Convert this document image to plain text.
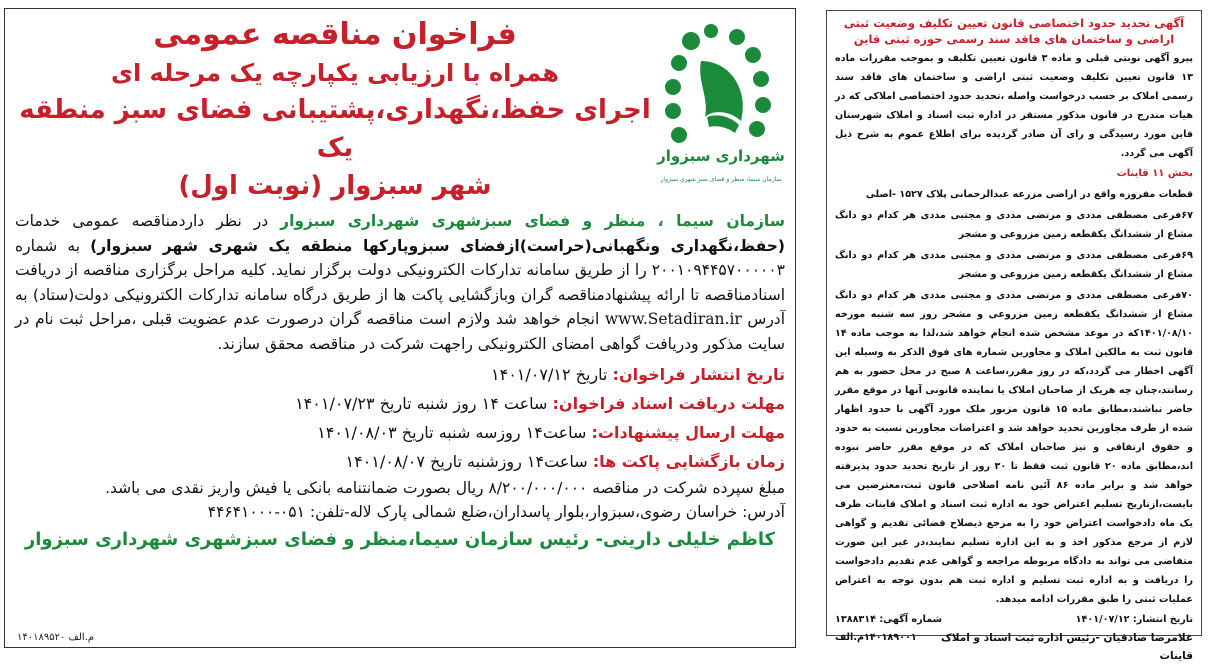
شهرداری سبزوار
سازمان سیما، منظر و فضای سبز شهری سبزوار
فراخوان مناقصه عمومی
همراه با ارزیابی یکپارچه یک مرحله ای
اجرای حفظ،نگهداری،پشتیبانی فضای سبز منطقه یک
شهر سبزوار (نوبت اول)
سازمان سیما ، منظر و فضای سبزشهری شهرداری سبزوار در نظر داردمناقصه عمومی خدمات (حفظ،نگهداری ونگهبانی(حراست)ازفضای سبزوپارکها منطقه یک شهری شهر سبزوار) به شماره ۲۰۰۱۰۹۴۴۵۷۰۰۰۰۰۳ را از طریق سامانه تدارکات الکترونیکی دولت برگزار نماید. کلیه مراحل برگزاری مناقصه از دریافت اسنادمناقصه تا ارائه پیشنهادمناقصه گران وبازگشایی پاکت ها از طریق درگاه سامانه تدارکات الکترونیکی دولت(ستاد) به آدرس www.Setadiran.ir انجام خواهد شد ولازم است مناقصه گران درصورت عدم عضویت قبلی ،مراحل ثبت نام در سایت مذکور ودریافت گواهی امضای الکترونیکی راجهت شرکت در مناقصه محقق سازند.
تاریخ انتشار فراخوان: تاریخ ۱۴۰۱/۰۷/۱۲
مهلت دریافت اسناد فراخوان: ساعت ۱۴ روز شنبه تاریخ ۱۴۰۱/۰۷/۲۳
مهلت ارسال پیشنهادات: ساعت۱۴ روزسه شنبه تاریخ ۱۴۰۱/۰۸/۰۳
زمان بازگشایی پاکت ها: ساعت۱۴ روزشنبه تاریخ ۱۴۰۱/۰۸/۰۷
مبلغ سپرده شرکت در مناقصه ۸/۲۰۰/۰۰۰/۰۰۰ ریال بصورت ضمانتنامه بانکی یا فیش واریز نقدی می باشد.
آدرس: خراسان رضوی،سبزوار،بلوار پاسداران،ضلع شمالی پارک لاله-تلفن: ۰۵۱-۴۴۶۴۱۰۰۰
کاظم خلیلی دارینی- رئیس سازمان سیما،منظر و فضای سبزشهری شهرداری سبزوار
۱۴۰۱۸۹۵۲۰ م.الف
آگهی تحدید حدود اختصاصی قانون تعیین تکلیف وضعیت ثبتی اراضی و ساختمان های فاقد سند رسمی حوزه ثبتی قاین
پیرو آگهی نوبتی قبلی و ماده ۳ قانون تعیین تکلیف و بموجب مقررات ماده ۱۳ قانون تعیین تکلیف وضعیت ثبتی اراضی و ساختمان های فاقد سند رسمی املاک بر حسب درخواست واصله ،تحدید حدود اختصاصی املاکی که در هیات مندرج در قانون مذکور مستقر در اداره ثبت اسناد و املاک شهرستان قاین مورد رسیدگی و رای آن صادر گردیده برای اطلاع عموم به شرح ذیل آگهی می گردد.
بخش ۱۱ قاینات
قطعات مفروزه واقع در اراضی مزرعه عبدالرحمانی پلاک ۱۵۲۷ -اصلی
۶۷فرعی مصطفی مددی و مرتضی مددی و مجتبی مددی هر کدام دو دانگ مشاع از ششدانگ یکقطعه زمین مزروعی و مشجر
۶۹فرعی مصطفی مددی و مرتضی مددی و مجتبی مددی هر کدام دو دانگ مشاع از ششدانگ یکقطعه زمین مزروعی و مشجر
۷۰فرعی مصطفی مددی و مرتضی مددی و مجتبی مددی هر کدام دو دانگ مشاع از ششدانگ یکقطعه زمین مزروعی و مشجر روز سه شنبه مورخه ۱۴۰۱/۰۸/۱۰که در موعد مشخص شده انجام خواهد شد،لذا به موجب ماده ۱۴ قانون ثبت به مالکین املاک و مجاورین شماره های فوق الذکر به وسیله این آگهی اخطار می گردد،که در روز مقرر،ساعت ۸ صبح در محل حضور به هم رسانند،چنان چه هریک از صاحبان املاک یا نماینده قانونی آنها در موقع مقرر حاضر نباشند،مطابق ماده ۱۵ قانون مزبور ملک مورد آگهی با حدود اظهار شده از طرف مجاورین تحدید خواهد شد و اعتراضات مجاورین نسبت به حدود و حقوق ارتفاقی و نیز صاحبان املاک که در موقع مقرر حاضر نبوده اند،مطابق ماده ۲۰ قانون ثبت فقط تا ۳۰ روز از تاریخ تحدید حدود پذیرفته خواهد شد و برابر ماده ۸۶ آئین نامه اصلاحی قانون ثبت،معترضین می بایست،ازتاریخ تسلیم اعتراض خود به اداره ثبت اسناد و املاک قاینات ظرف یک ماه دادخواست اعتراض خود را به مرجع ذیصلاح قضائی تقدیم و گواهی لازم از مرجع مذکور اخذ و به این اداره تسلیم نمایند،در غیر این صورت متقاضی می تواند به دادگاه مربوطه مراجعه و گواهی عدم تقدیم دادخواست را دریافت و به اداره ثبت تسلیم و اداره ثبت هم بدون توجه به اعتراض عملیات ثبتی را طبق مقررات ادامه میدهد.
تاریخ انتشار: ۱۴۰۱/۰۷/۱۲
شماره آگهی: ۱۳۸۸۳۱۴
غلامرضا صادقیان -رئیس اداره ثبت اسناد و املاک قاینات
۱۴۰۱۸۹۰۰۱م.الف
